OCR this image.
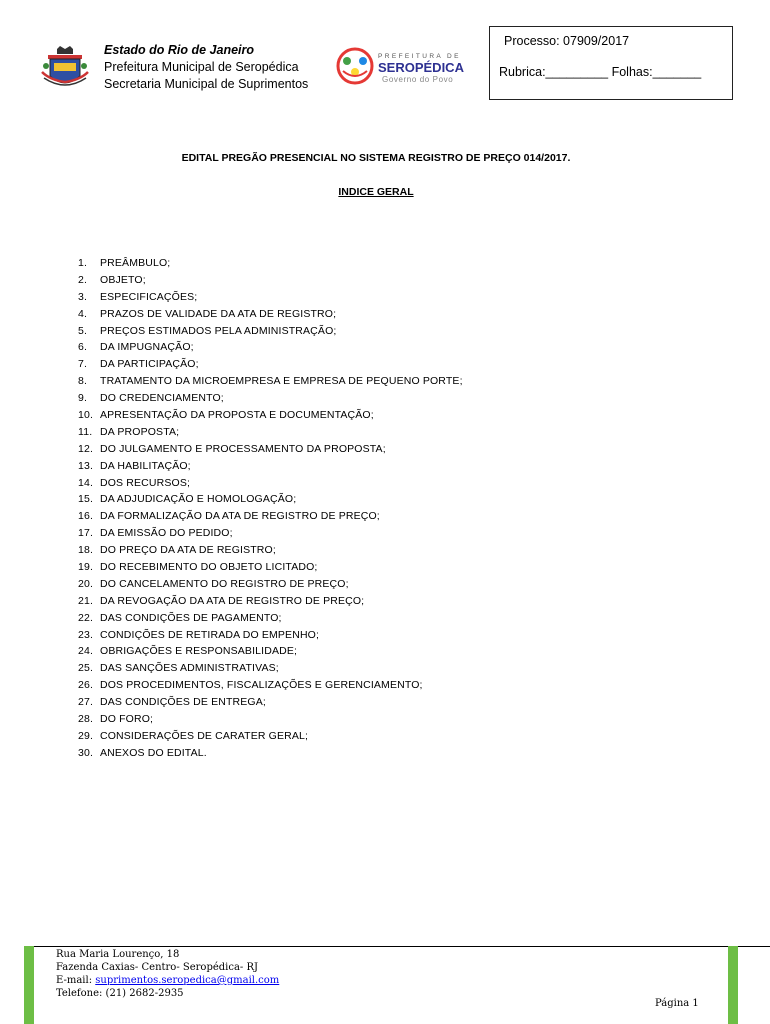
Estado do Rio de Janeiro
Prefeitura Municipal de Seropédica
Secretaria Municipal de Suprimentos
PREFEITURA DE
SEROPÉDICA
Governo do Povo
Processo: 07909/2017
Rubrica:_________ Folhas:_______
EDITAL PREGÃO PRESENCIAL NO SISTEMA REGISTRO DE PREÇO 014/2017.
INDICE GERAL
1. PREÂMBULO;
2. OBJETO;
3. ESPECIFICAÇÕES;
4. PRAZOS DE VALIDADE DA ATA DE REGISTRO;
5. PREÇOS ESTIMADOS PELA ADMINISTRAÇÃO;
6. DA IMPUGNAÇÃO;
7. DA PARTICIPAÇÃO;
8. TRATAMENTO DA MICROEMPRESA E EMPRESA DE PEQUENO PORTE;
9. DO CREDENCIAMENTO;
10. APRESENTAÇÃO DA PROPOSTA E DOCUMENTAÇÃO;
11. DA PROPOSTA;
12. DO JULGAMENTO E PROCESSAMENTO DA PROPOSTA;
13. DA HABILITAÇÃO;
14. DOS RECURSOS;
15. DA ADJUDICAÇÃO E HOMOLOGAÇÃO;
16. DA FORMALIZAÇÃO DA ATA DE REGISTRO DE PREÇO;
17. DA EMISSÃO DO PEDIDO;
18. DO PREÇO DA ATA DE REGISTRO;
19. DO RECEBIMENTO DO OBJETO LICITADO;
20. DO CANCELAMENTO DO REGISTRO DE PREÇO;
21. DA REVOGAÇÃO DA ATA DE REGISTRO DE PREÇO;
22. DAS CONDIÇÕES DE PAGAMENTO;
23. CONDIÇÕES DE RETIRADA DO EMPENHO;
24. OBRIGAÇÕES E RESPONSABILIDADE;
25. DAS SANÇÕES ADMINISTRATIVAS;
26. DOS PROCEDIMENTOS, FISCALIZAÇÕES E GERENCIAMENTO;
27. DAS CONDIÇÕES DE ENTREGA;
28. DO FORO;
29. CONSIDERAÇÕES DE CARATER GERAL;
30. ANEXOS DO EDITAL.
Rua Maria Lourenço, 18
Fazenda Caxias- Centro- Seropédica- RJ
E-mail: suprimentos.seropedica@gmail.com
Telefone: (21) 2682-2935
Página 1
